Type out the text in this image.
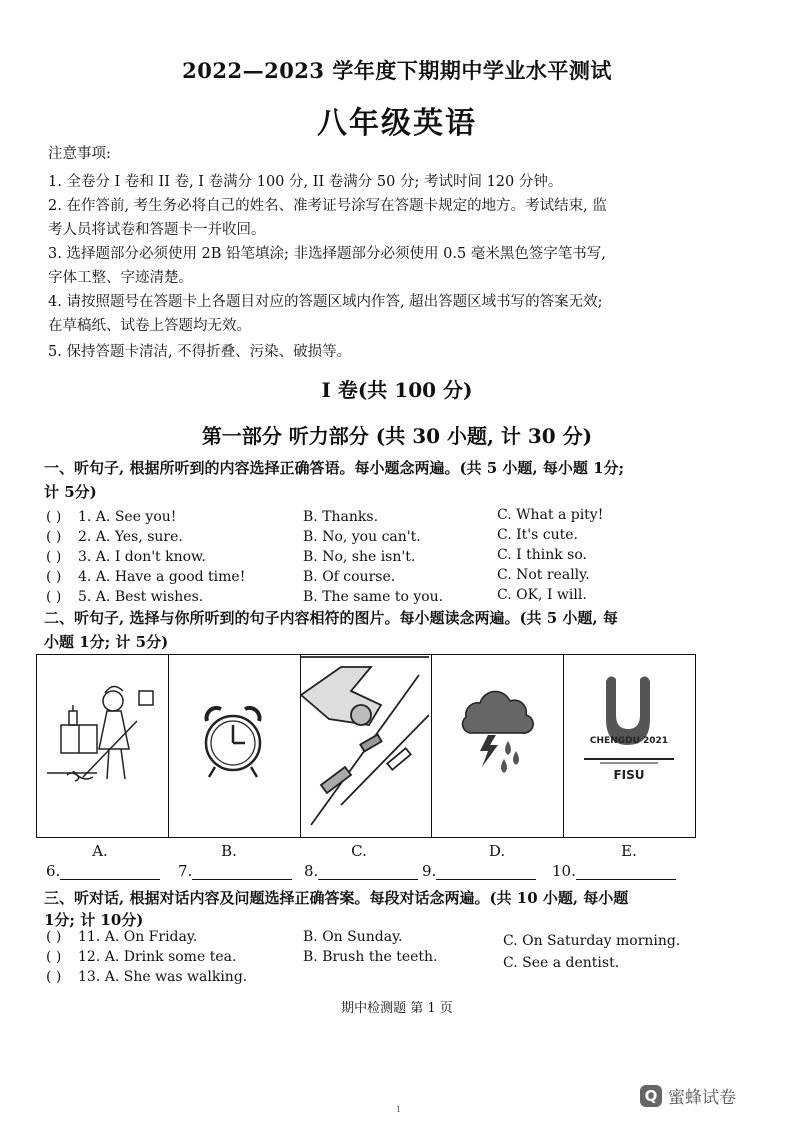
2022—2023 学年度下期期中学业水平测试
八年级英语
注意事项:
1. 全卷分 I 卷和 II 卷, I 卷满分 100 分, II 卷满分 50 分; 考试时间 120 分钟。
2. 在作答前, 考生务必将自己的姓名、准考证号涂写在答题卡规定的地方。考试结束, 监
考人员将试卷和答题卡一并收回。
3. 选择题部分必须使用 2B 铅笔填涂; 非选择题部分必须使用 0.5 毫米黑色签字笔书写,
字体工整、字迹清楚。
4. 请按照题号在答题卡上各题目对应的答题区域内作答, 超出答题区域书写的答案无效;
在草稿纸、试卷上答题均无效。
5. 保持答题卡清洁, 不得折叠、污染、破损等。
I 卷(共 100 分)
第一部分 听力部分 (共 30 小题, 计 30 分)
一、听句子, 根据所听到的内容选择正确答语。每小题念两遍。(共 5 小题, 每小题 1分;
计 5分)
( ) 1. A. See you!	B. Thanks.	C. What a pity!
( ) 2. A. Yes, sure.	B. No, you can't.	C. It's cute.
( ) 3. A. I don't know.	B. No, she isn't.	C. I think so.
( ) 4. A. Have a good time!	B. Of course.	C. Not really.
( ) 5. A. Best wishes.	B. The same to you.	C. OK, I will.
二、听句子, 选择与你所听到的句子内容相符的图片。每小题读念两遍。(共 5 小题, 每
小题 1分; 计 5分)
CHENGDU 2021
FISU
A.	B.	C.	D.	E.
6.	7.	8.	9.	10.
三、听对话, 根据对话内容及问题选择正确答案。每段对话念两遍。(共 10 小题, 每小题
1分; 计 10分)
( ) 11. A. On Friday.	B. On Sunday.	C. On Saturday morning.
( ) 12. A. Drink some tea.	B. Brush the teeth.	C. See a dentist.
( ) 13. A. She was walking.
期中检测题 第 1 页
Q 蜜蜂试卷
1
